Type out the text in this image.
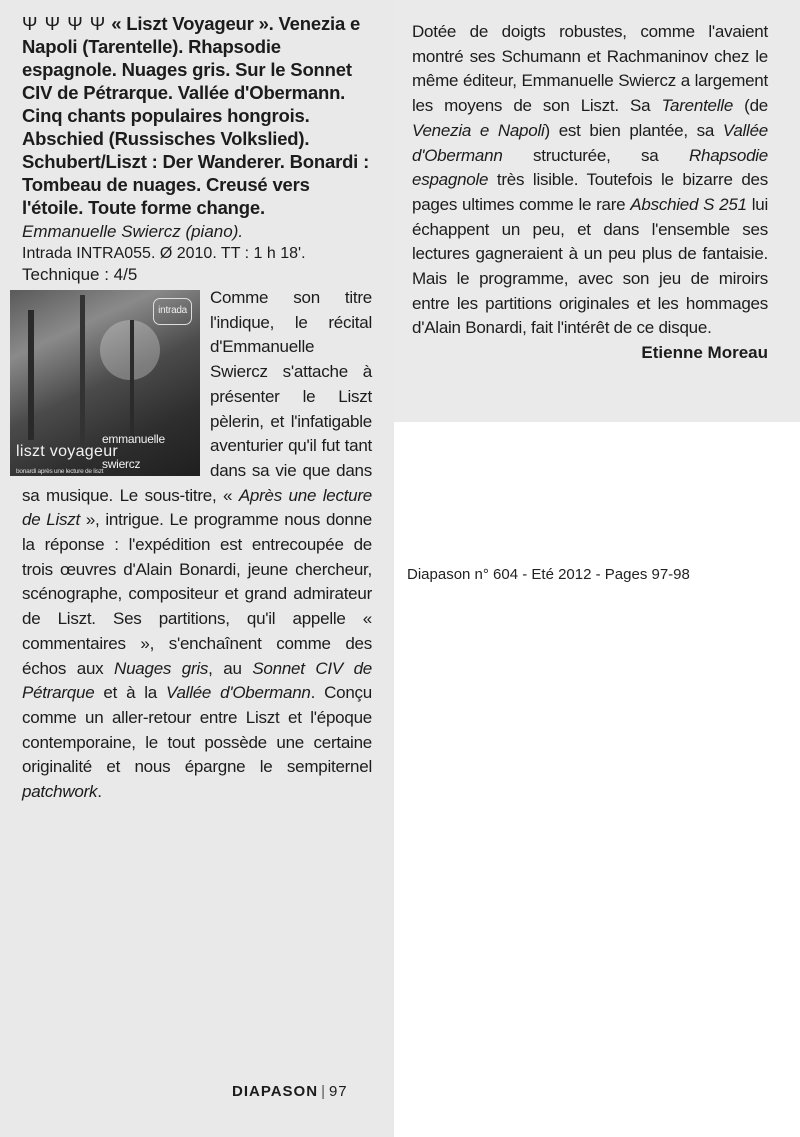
Ψ Ψ Ψ Ψ « Liszt Voyageur ». Venezia e Napoli (Tarentelle). Rhapsodie espagnole. Nuages gris. Sur le Sonnet CIV de Pétrarque. Vallée d'Obermann. Cinq chants populaires hongrois. Abschied (Russisches Volkslied). Schubert/Liszt : Der Wanderer. Bonardi : Tombeau de nuages. Creusé vers l'étoile. Toute forme change.

Emmanuelle Swiercz (piano).

Intrada INTRA055. Ø 2010. TT : 1 h 18'.

Technique : 4/5

intrada
emmanuelle swiercz
liszt voyageur
bonardi après une lecture de liszt
Comme son titre l'indique, le récital d'Emmanuelle Swiercz s'attache à présenter le Liszt pèlerin, et l'infatigable aventurier qu'il fut tant dans sa vie que dans sa musique. Le sous-titre, « Après une lecture de Liszt », intrigue. Le programme nous donne la réponse : l'expédition est entrecoupée de trois œuvres d'Alain Bonardi, jeune chercheur, scénographe, compositeur et grand admirateur de Liszt. Ses partitions, qu'il appelle « commentaires », s'enchaînent comme des échos aux Nuages gris, au Sonnet CIV de Pétrarque et à la Vallée d'Obermann. Conçu comme un aller-retour entre Liszt et l'époque contemporaine, le tout possède une certaine originalité et nous épargne le sempiternel patchwork.
Dotée de doigts robustes, comme l'avaient montré ses Schumann et Rachmaninov chez le même éditeur, Emmanuelle Swiercz a largement les moyens de son Liszt. Sa Tarentelle (de Venezia e Napoli) est bien plantée, sa Vallée d'Obermann structurée, sa Rhapsodie espagnole très lisible. Toutefois le bizarre des pages ultimes comme le rare Abschied S 251 lui échappent un peu, et dans l'ensemble ses lectures gagneraient à un peu plus de fantaisie. Mais le programme, avec son jeu de miroirs entre les partitions originales et les hommages d'Alain Bonardi, fait l'intérêt de ce disque.

Etienne Moreau

DIAPASON | 97
Diapason n° 604 - Eté 2012 - Pages 97-98
